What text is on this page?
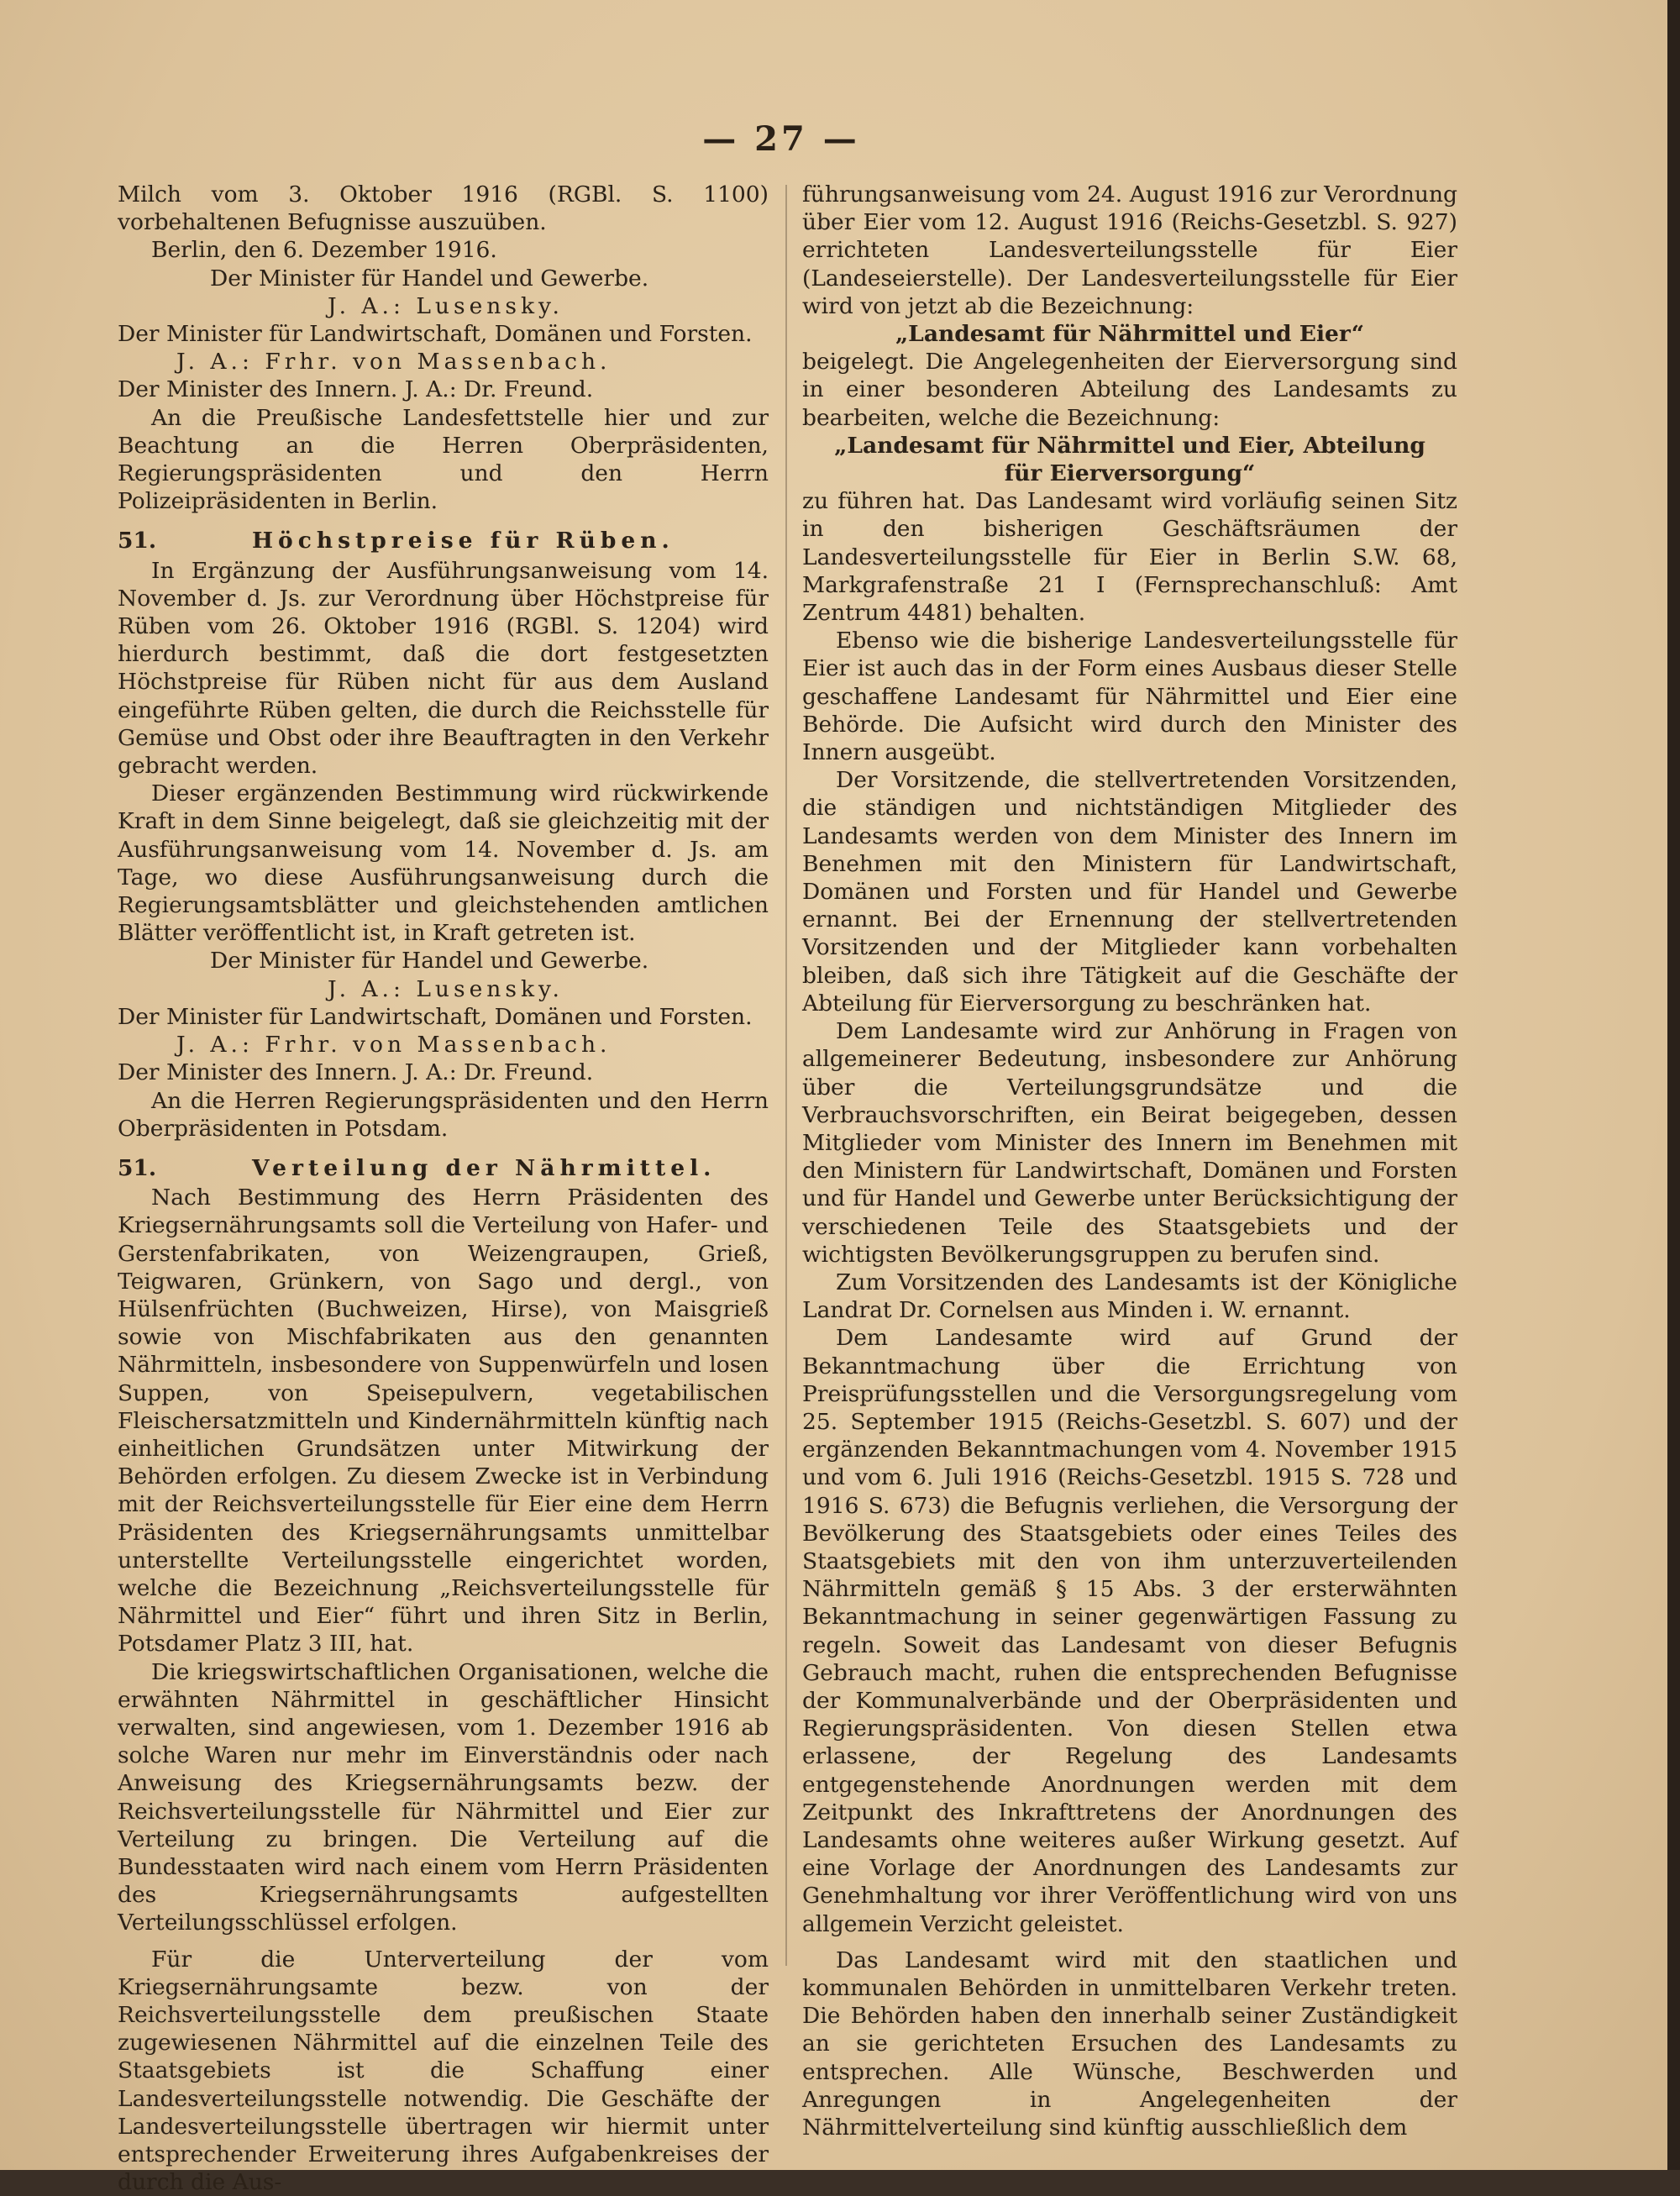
— 27 —

Milch vom 3. Oktober 1916 (RGBl. S. 1100) vorbehaltenen Befugnisse auszuüben.

Berlin, den 6. Dezember 1916.

Der Minister für Handel und Gewerbe.

J. A.: Lusensky.

Der Minister für Landwirtschaft, Domänen und Forsten.

J. A.: Frhr. von Massenbach.

Der Minister des Innern. J. A.: Dr. Freund.

An die Preußische Landesfettstelle hier und zur Beachtung an die Herren Oberpräsidenten, Regierungspräsidenten und den Herrn Polizeipräsidenten in Berlin.

51.	Höchstpreise für Rüben.

In Ergänzung der Ausführungsanweisung vom 14. November d. Js. zur Verordnung über Höchstpreise für Rüben vom 26. Oktober 1916 (RGBl. S. 1204) wird hierdurch bestimmt, daß die dort festgesetzten Höchstpreise für Rüben nicht für aus dem Ausland eingeführte Rüben gelten, die durch die Reichsstelle für Gemüse und Obst oder ihre Beauftragten in den Verkehr gebracht werden.

Dieser ergänzenden Bestimmung wird rückwirkende Kraft in dem Sinne beigelegt, daß sie gleichzeitig mit der Ausführungsanweisung vom 14. November d. Js. am Tage, wo diese Ausführungsanweisung durch die Regierungsamtsblätter und gleichstehenden amtlichen Blätter veröffentlicht ist, in Kraft getreten ist.

Der Minister für Handel und Gewerbe.

J. A.: Lusensky.

Der Minister für Landwirtschaft, Domänen und Forsten.

J. A.: Frhr. von Massenbach.

Der Minister des Innern. J. A.: Dr. Freund.

An die Herren Regierungspräsidenten und den Herrn Oberpräsidenten in Potsdam.

51.	Verteilung der Nährmittel.

Nach Bestimmung des Herrn Präsidenten des Kriegsernährungsamts soll die Verteilung von Hafer- und Gerstenfabrikaten, von Weizengraupen, Grieß, Teigwaren, Grünkern, von Sago und dergl., von Hülsenfrüchten (Buchweizen, Hirse), von Maisgrieß sowie von Mischfabrikaten aus den genannten Nährmitteln, insbesondere von Suppenwürfeln und losen Suppen, von Speisepulvern, vegetabilischen Fleischersatzmitteln und Kindernährmitteln künftig nach einheitlichen Grundsätzen unter Mitwirkung der Behörden erfolgen. Zu diesem Zwecke ist in Verbindung mit der Reichsverteilungsstelle für Eier eine dem Herrn Präsidenten des Kriegsernährungsamts unmittelbar unterstellte Verteilungsstelle eingerichtet worden, welche die Bezeichnung „Reichsverteilungsstelle für Nährmittel und Eier“ führt und ihren Sitz in Berlin, Potsdamer Platz 3 III, hat.

Die kriegswirtschaftlichen Organisationen, welche die erwähnten Nährmittel in geschäftlicher Hinsicht verwalten, sind angewiesen, vom 1. Dezember 1916 ab solche Waren nur mehr im Einverständnis oder nach Anweisung des Kriegsernährungsamts bezw. der Reichsverteilungsstelle für Nährmittel und Eier zur Verteilung zu bringen. Die Verteilung auf die Bundesstaaten wird nach einem vom Herrn Präsidenten des Kriegsernährungsamts aufgestellten Verteilungsschlüssel erfolgen.

Für die Unterverteilung der vom Kriegsernährungsamte bezw. von der Reichsverteilungsstelle dem preußischen Staate zugewiesenen Nährmittel auf die einzelnen Teile des Staatsgebiets ist die Schaffung einer Landesverteilungsstelle notwendig. Die Geschäfte der Landesverteilungsstelle übertragen wir hiermit unter entsprechender Erweiterung ihres Aufgabenkreises der durch die Aus-

führungsanweisung vom 24. August 1916 zur Verordnung über Eier vom 12. August 1916 (Reichs-Gesetzbl. S. 927) errichteten Landesverteilungsstelle für Eier (Landeseierstelle). Der Landesverteilungsstelle für Eier wird von jetzt ab die Bezeichnung:

„Landesamt für Nährmittel und Eier“

beigelegt. Die Angelegenheiten der Eierversorgung sind in einer besonderen Abteilung des Landesamts zu bearbeiten, welche die Bezeichnung:

„Landesamt für Nährmittel und Eier, Abteilung

für Eierversorgung“

zu führen hat. Das Landesamt wird vorläufig seinen Sitz in den bisherigen Geschäftsräumen der Landesverteilungsstelle für Eier in Berlin S.W. 68, Markgrafenstraße 21 I (Fernsprechanschluß: Amt Zentrum 4481) behalten.

Ebenso wie die bisherige Landesverteilungsstelle für Eier ist auch das in der Form eines Ausbaus dieser Stelle geschaffene Landesamt für Nährmittel und Eier eine Behörde. Die Aufsicht wird durch den Minister des Innern ausgeübt.

Der Vorsitzende, die stellvertretenden Vorsitzenden, die ständigen und nichtständigen Mitglieder des Landesamts werden von dem Minister des Innern im Benehmen mit den Ministern für Landwirtschaft, Domänen und Forsten und für Handel und Gewerbe ernannt. Bei der Ernennung der stellvertretenden Vorsitzenden und der Mitglieder kann vorbehalten bleiben, daß sich ihre Tätigkeit auf die Geschäfte der Abteilung für Eierversorgung zu beschränken hat.

Dem Landesamte wird zur Anhörung in Fragen von allgemeinerer Bedeutung, insbesondere zur Anhörung über die Verteilungsgrundsätze und die Verbrauchsvorschriften, ein Beirat beigegeben, dessen Mitglieder vom Minister des Innern im Benehmen mit den Ministern für Landwirtschaft, Domänen und Forsten und für Handel und Gewerbe unter Berücksichtigung der verschiedenen Teile des Staatsgebiets und der wichtigsten Bevölkerungsgruppen zu berufen sind.

Zum Vorsitzenden des Landesamts ist der Königliche Landrat Dr. Cornelsen aus Minden i. W. ernannt.

Dem Landesamte wird auf Grund der Bekanntmachung über die Errichtung von Preisprüfungsstellen und die Versorgungsregelung vom 25. September 1915 (Reichs-Gesetzbl. S. 607) und der ergänzenden Bekanntmachungen vom 4. November 1915 und vom 6. Juli 1916 (Reichs-Gesetzbl. 1915 S. 728 und 1916 S. 673) die Befugnis verliehen, die Versorgung der Bevölkerung des Staatsgebiets oder eines Teiles des Staatsgebiets mit den von ihm unterzuverteilenden Nährmitteln gemäß § 15 Abs. 3 der ersterwähnten Bekanntmachung in seiner gegenwärtigen Fassung zu regeln. Soweit das Landesamt von dieser Befugnis Gebrauch macht, ruhen die entsprechenden Befugnisse der Kommunalverbände und der Oberpräsidenten und Regierungspräsidenten. Von diesen Stellen etwa erlassene, der Regelung des Landesamts entgegenstehende Anordnungen werden mit dem Zeitpunkt des Inkrafttretens der Anordnungen des Landesamts ohne weiteres außer Wirkung gesetzt. Auf eine Vorlage der Anordnungen des Landesamts zur Genehmhaltung vor ihrer Veröffentlichung wird von uns allgemein Verzicht geleistet.

Das Landesamt wird mit den staatlichen und kommunalen Behörden in unmittelbaren Verkehr treten. Die Behörden haben den innerhalb seiner Zuständigkeit an sie gerichteten Ersuchen des Landesamts zu entsprechen. Alle Wünsche, Beschwerden und Anregungen in Angelegenheiten der Nährmittelverteilung sind künftig ausschließlich dem
